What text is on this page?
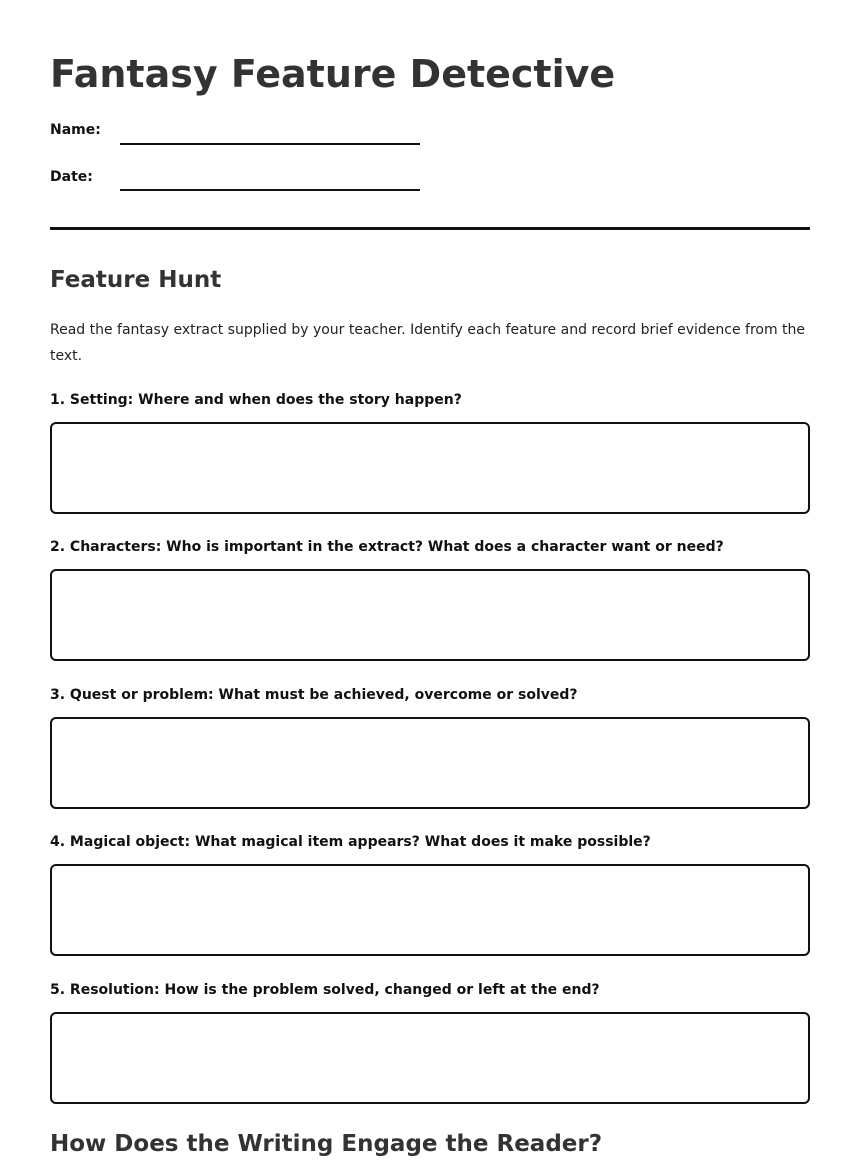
Fantasy Feature Detective
Name:
Date:
Feature Hunt

Read the fantasy extract supplied by your teacher. Identify each feature and record brief evidence from the text.

1. Setting: Where and when does the story happen?
2. Characters: Who is important in the extract? What does a character want or need?
3. Quest or problem: What must be achieved, overcome or solved?
4. Magical object: What magical item appears? What does it make possible?
5. Resolution: How is the problem solved, changed or left at the end?
How Does the Writing Engage the Reader?
